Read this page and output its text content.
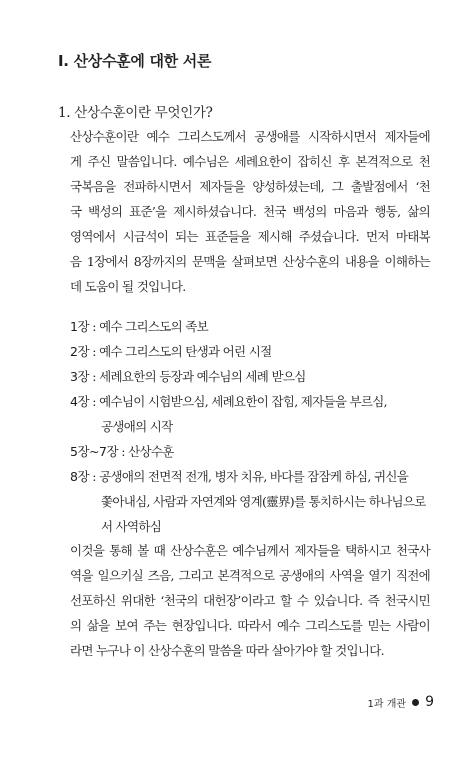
Ⅰ. 산상수훈에 대한 서론
1. 산상수훈이란 무엇인가?
산상수훈이란 예수 그리스도께서 공생애를 시작하시면서 제자들에
게 주신 말씀입니다. 예수님은 세례요한이 잡히신 후 본격적으로 천
국복음을 전파하시면서 제자들을 양성하셨는데, 그 출발점에서 ‘천
국 백성의 표준’을 제시하셨습니다. 천국 백성의 마음과 행동, 삶의
영역에서 시금석이 되는 표준들을 제시해 주셨습니다. 먼저 마태복
음 1장에서 8장까지의 문맥을 살펴보면 산상수훈의 내용을 이해하는
데 도움이 될 것입니다.
1장 : 예수 그리스도의 족보
2장 : 예수 그리스도의 탄생과 어린 시절
3장 : 세례요한의 등장과 예수님의 세례 받으심
4장 : 예수님이 시험받으심, 세례요한이 잡힘, 제자들을 부르심,
공생애의 시작
5장~7장 : 산상수훈
8장 : 공생애의 전면적 전개, 병자 치유, 바다를 잠잠케 하심, 귀신을
쫓아내심, 사람과 자연계와 영계(靈界)를 통치하시는 하나님으로
서 사역하심
이것을 통해 볼 때 산상수훈은 예수님께서 제자들을 택하시고 천국사
역을 일으키실 즈음, 그리고 본격적으로 공생애의 사역을 열기 직전에
선포하신 위대한 ‘천국의 대헌장’이라고 할 수 있습니다. 즉 천국시민
의 삶을 보여 주는 현장입니다. 따라서 예수 그리스도를 믿는 사람이
라면 누구나 이 산상수훈의 말씀을 따라 살아가야 할 것입니다.
1과 개관 9
